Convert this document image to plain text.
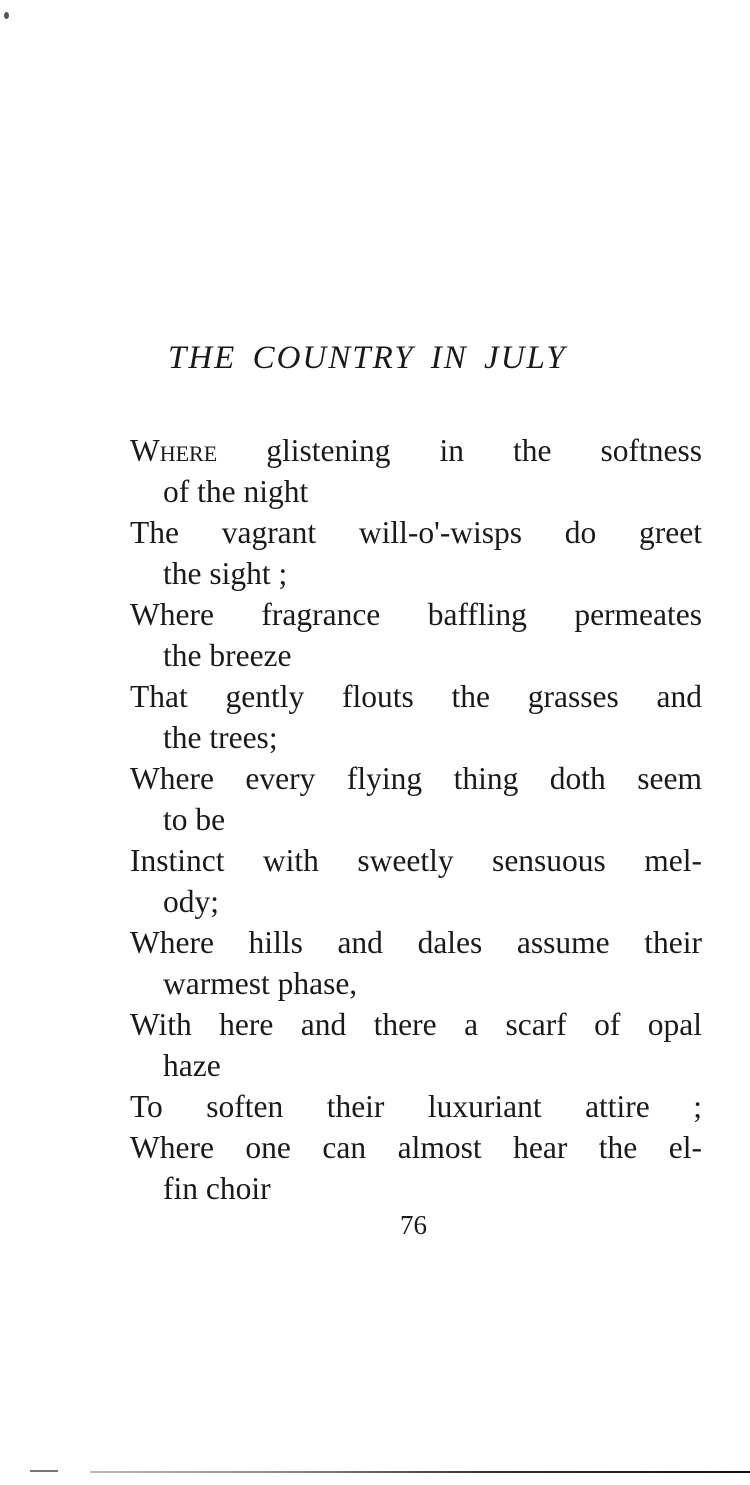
THE COUNTRY IN JULY
Where glistening in the softness
of the night
The vagrant will-o'-wisps do greet
the sight ;
Where fragrance baffling permeates
the breeze
That gently flouts the grasses and
the trees;
Where every flying thing doth seem
to be
Instinct with sweetly sensuous mel-
ody;
Where hills and dales assume their
warmest phase,
With here and there a scarf of opal
haze
To soften their luxuriant attire ;
Where one can almost hear the el-
fin choir
76
